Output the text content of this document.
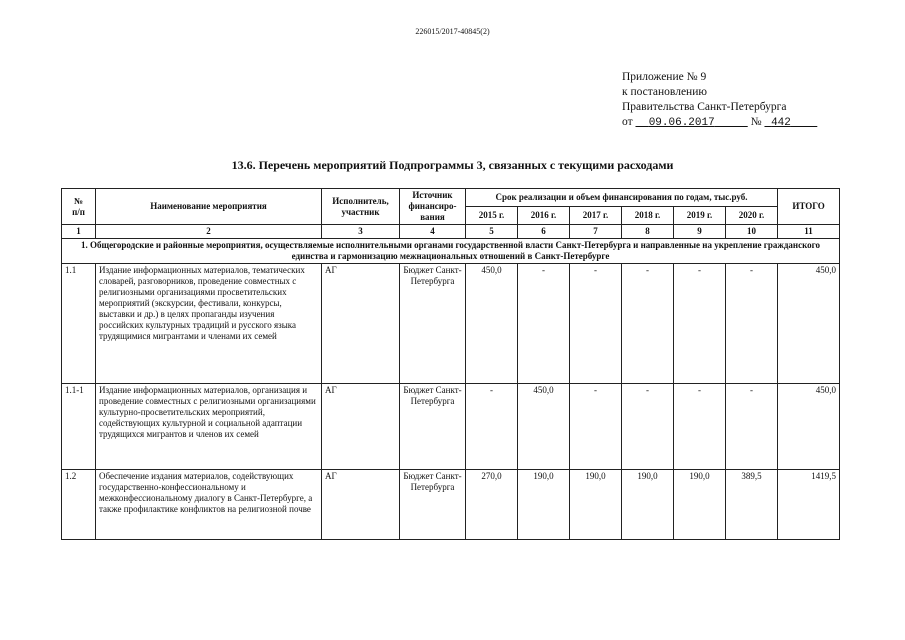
226015/2017-40845(2)
Приложение № 9
к постановлению
Правительства Санкт-Петербурга
от 09.06.2017	№ 442
13.6. Перечень мероприятий Подпрограммы 3, связанных с текущими расходами
№
п/п	Наименование мероприятия	Исполнитель, участник	Источник финансиро-вания	Срок реализации и объем финансирования по годам, тыс.руб.						ИТОГО
				2015 г.	2016 г.	2017 г.	2018 г.	2019 г.	2020 г.	
1	2	3	4	5	6	7	8	9	10	11
1. Общегородские и районные мероприятия, осуществляемые исполнительными органами государственной власти Санкт-Петербурга и направленные на укрепление гражданского единства и гармонизацию межнациональных отношений в Санкт-Петербурге										
1.1	Издание информационных материалов, тематических словарей, разговорников, проведение совместных с религиозными организациями просветительских мероприятий (экскурсии, фестивали, конкурсы, выставки и др.) в целях пропаганды изучения российских культурных традиций и русского языка трудящимися мигрантами и членами их семей	АГ	Бюджет Санкт-Петербурга	450,0	-	-	-	-	-	450,0
1.1-1	Издание информационных материалов, организация и проведение совместных с религиозными организациями культурно-просветительских мероприятий, содействующих культурной и социальной адаптации трудящихся мигрантов и членов их семей	АГ	Бюджет Санкт-Петербурга	-	450,0	-	-	-	-	450,0
1.2	Обеспечение издания материалов, содействующих государственно-конфессиональному и межконфессиональному диалогу в Санкт-Петербурге, а также профилактике конфликтов на религиозной почве	АГ	Бюджет Санкт-Петербурга	270,0	190,0	190,0	190,0	190,0	389,5	1419,5
